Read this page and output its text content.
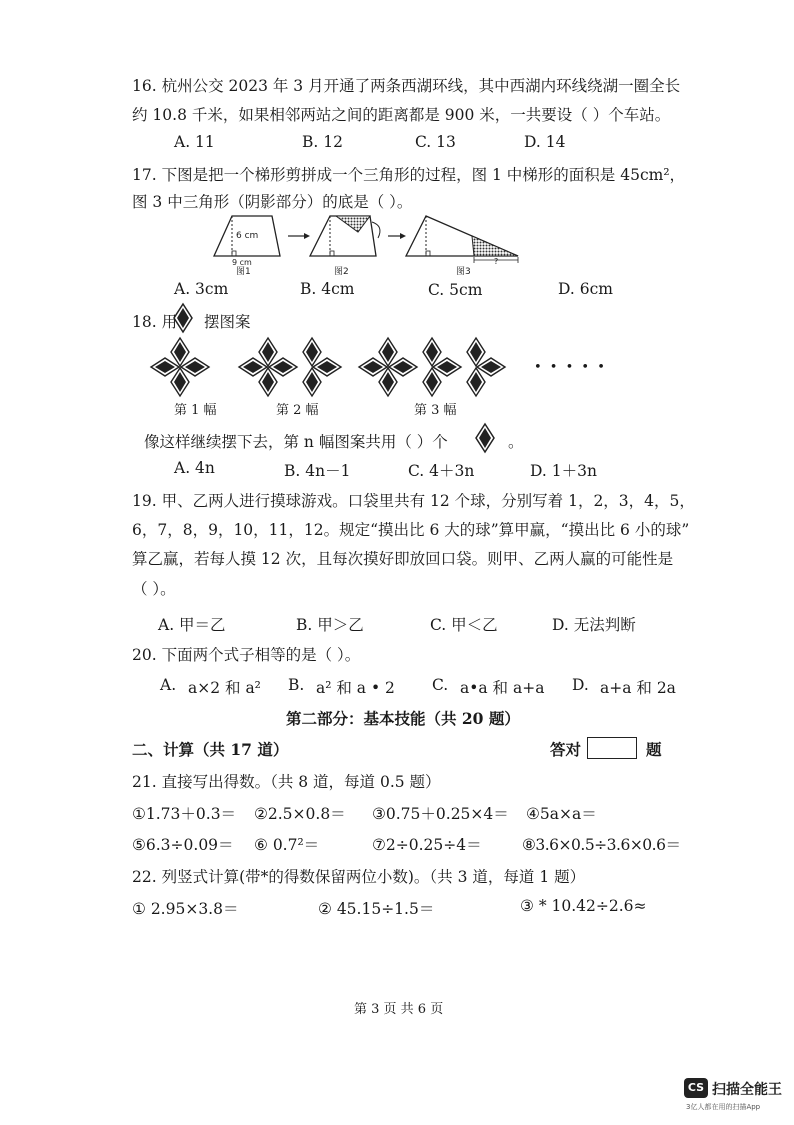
16. 杭州公交 2023 年 3 月开通了两条西湖环线，其中西湖内环线绕湖一圈全长
约 10.8 千米，如果相邻两站之间的距离都是 900 米，一共要设（ ）个车站。
A. 11	B. 12	C. 13	D. 14
17. 下图是把一个梯形剪拼成一个三角形的过程，图 1 中梯形的面积是 45cm²，
图 3 中三角形（阴影部分）的底是（ ）。
6 cm
9 cm
图1	图2
?
图3
A. 3cm	B. 4cm	C. 5cm	D. 6cm
18. 用 摆图案
第 1 幅	第 2 幅	第 3 幅
• • • • •
像这样继续摆下去，第 n 幅图案共用（ ）个	。
A. 4n	B. 4n－1	C. 4＋3n	D. 1＋3n
19. 甲、乙两人进行摸球游戏。口袋里共有 12 个球，分别写着 1，2，3，4，5，
6，7，8，9，10，11，12。规定“摸出比 6 大的球”算甲赢，“摸出比 6 小的球”
算乙赢，若每人摸 12 次，且每次摸好即放回口袋。则甲、乙两人赢的可能性是
（ ）。
A. 甲＝乙	B. 甲＞乙	C. 甲＜乙	D. 无法判断
20. 下面两个式子相等的是（ ）。
A. a×2 和 a² B. a² 和 a • 2 C. a•a 和 a+a D. a+a 和 2a
第二部分：基本技能（共 20 题）
二、计算（共 17 道）	答对	题
21. 直接写出得数。（共 8 道，每道 0.5 题）
①1.73＋0.3＝ ②2.5×0.8＝ ③0.75＋0.25×4＝ ④5a×a＝
⑤6.3÷0.09＝ ⑥ 0.7²＝	⑦2÷0.25÷4＝	⑧3.6×0.5÷3.6×0.6＝
22. 列竖式计算(带*的得数保留两位小数)。（共 3 道，每道 1 题）
① 2.95×3.8＝	② 45.15÷1.5＝	③ * 10.42÷2.6≈
第 3 页 共 6 页
CS 扫描全能王
3亿人都在用的扫描App
